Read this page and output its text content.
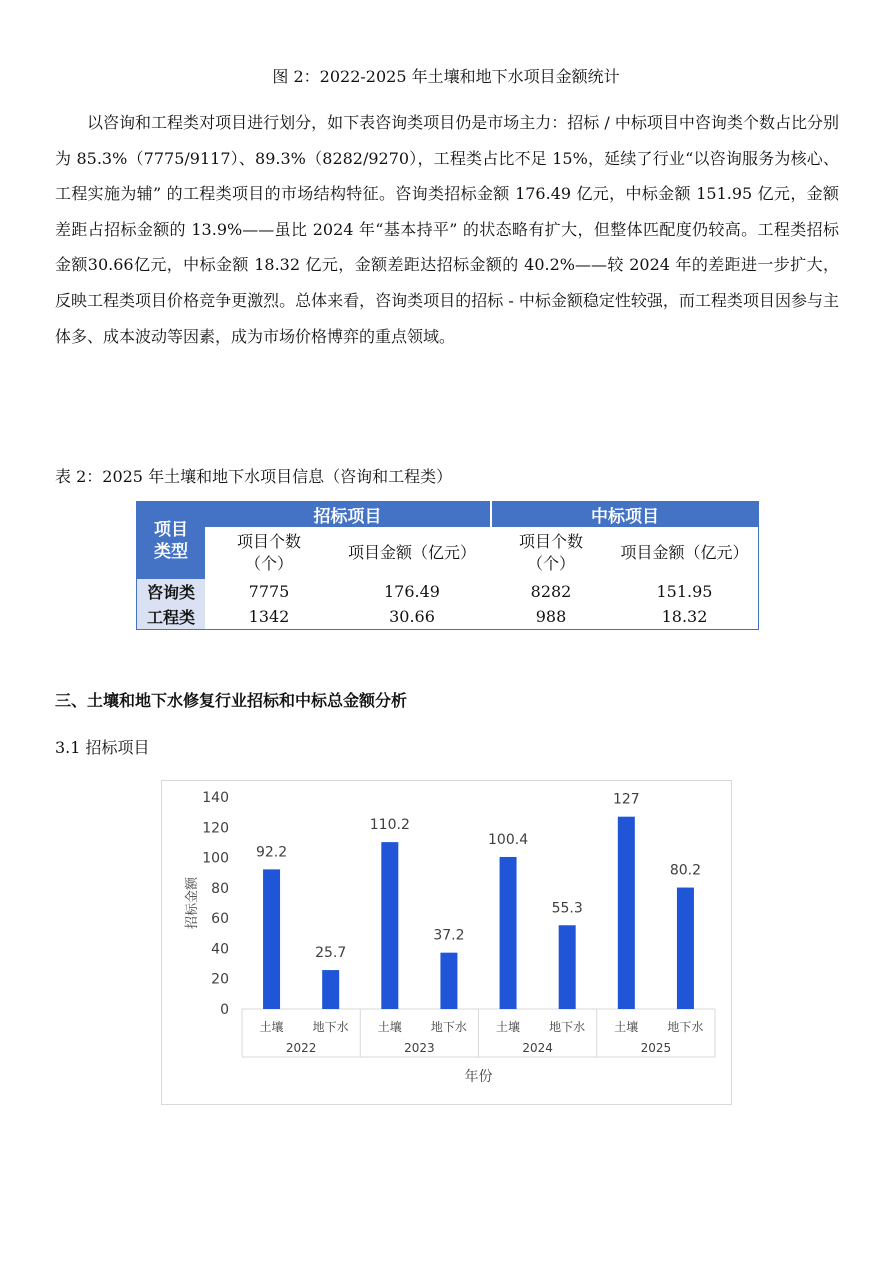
图 2：2022-2025 年土壤和地下水项目金额统计

以咨询和工程类对项目进行划分，如下表咨询类项目仍是市场主力：招标 / 中标项目中咨询类个数占比分别为 85.3%（7775/9117）、89.3%（8282/9270），工程类占比不足 15%，延续了行业“以咨询服务为核心、工程实施为辅” 的工程类项目的市场结构特征。咨询类招标金额 176.49 亿元，中标金额 151.95 亿元，金额差距占招标金额的 13.9%——虽比 2024 年“基本持平” 的状态略有扩大，但整体匹配度仍较高。工程类招标金额30.66亿元，中标金额 18.32 亿元，金额差距达招标金额的 40.2%——较 2024 年的差距进一步扩大，反映工程类项目价格竞争更激烈。总体来看，咨询类项目的招标 - 中标金额稳定性较强，而工程类项目因参与主体多、成本波动等因素，成为市场价格博弈的重点领域。

表 2：2025 年土壤和地下水项目信息（咨询和工程类）
项目类型	招标项目		中标项目	

	项目个数（个）	项目金额（亿元）	项目个数（个）	项目金额（亿元）
咨询类	7775	176.49	8282	151.95
工程类	1342	30.66	988	18.32
三、土壤和地下水修复行业招标和中标总金额分析
3.1 招标项目
0
20
40
60
80
100
120
140
招标金额
92.2
土壤
25.7
地下水
2022
110.2
土壤
37.2
地下水
2023
100.4
土壤
55.3
地下水
2024
127
土壤
80.2
地下水
2025
年份
